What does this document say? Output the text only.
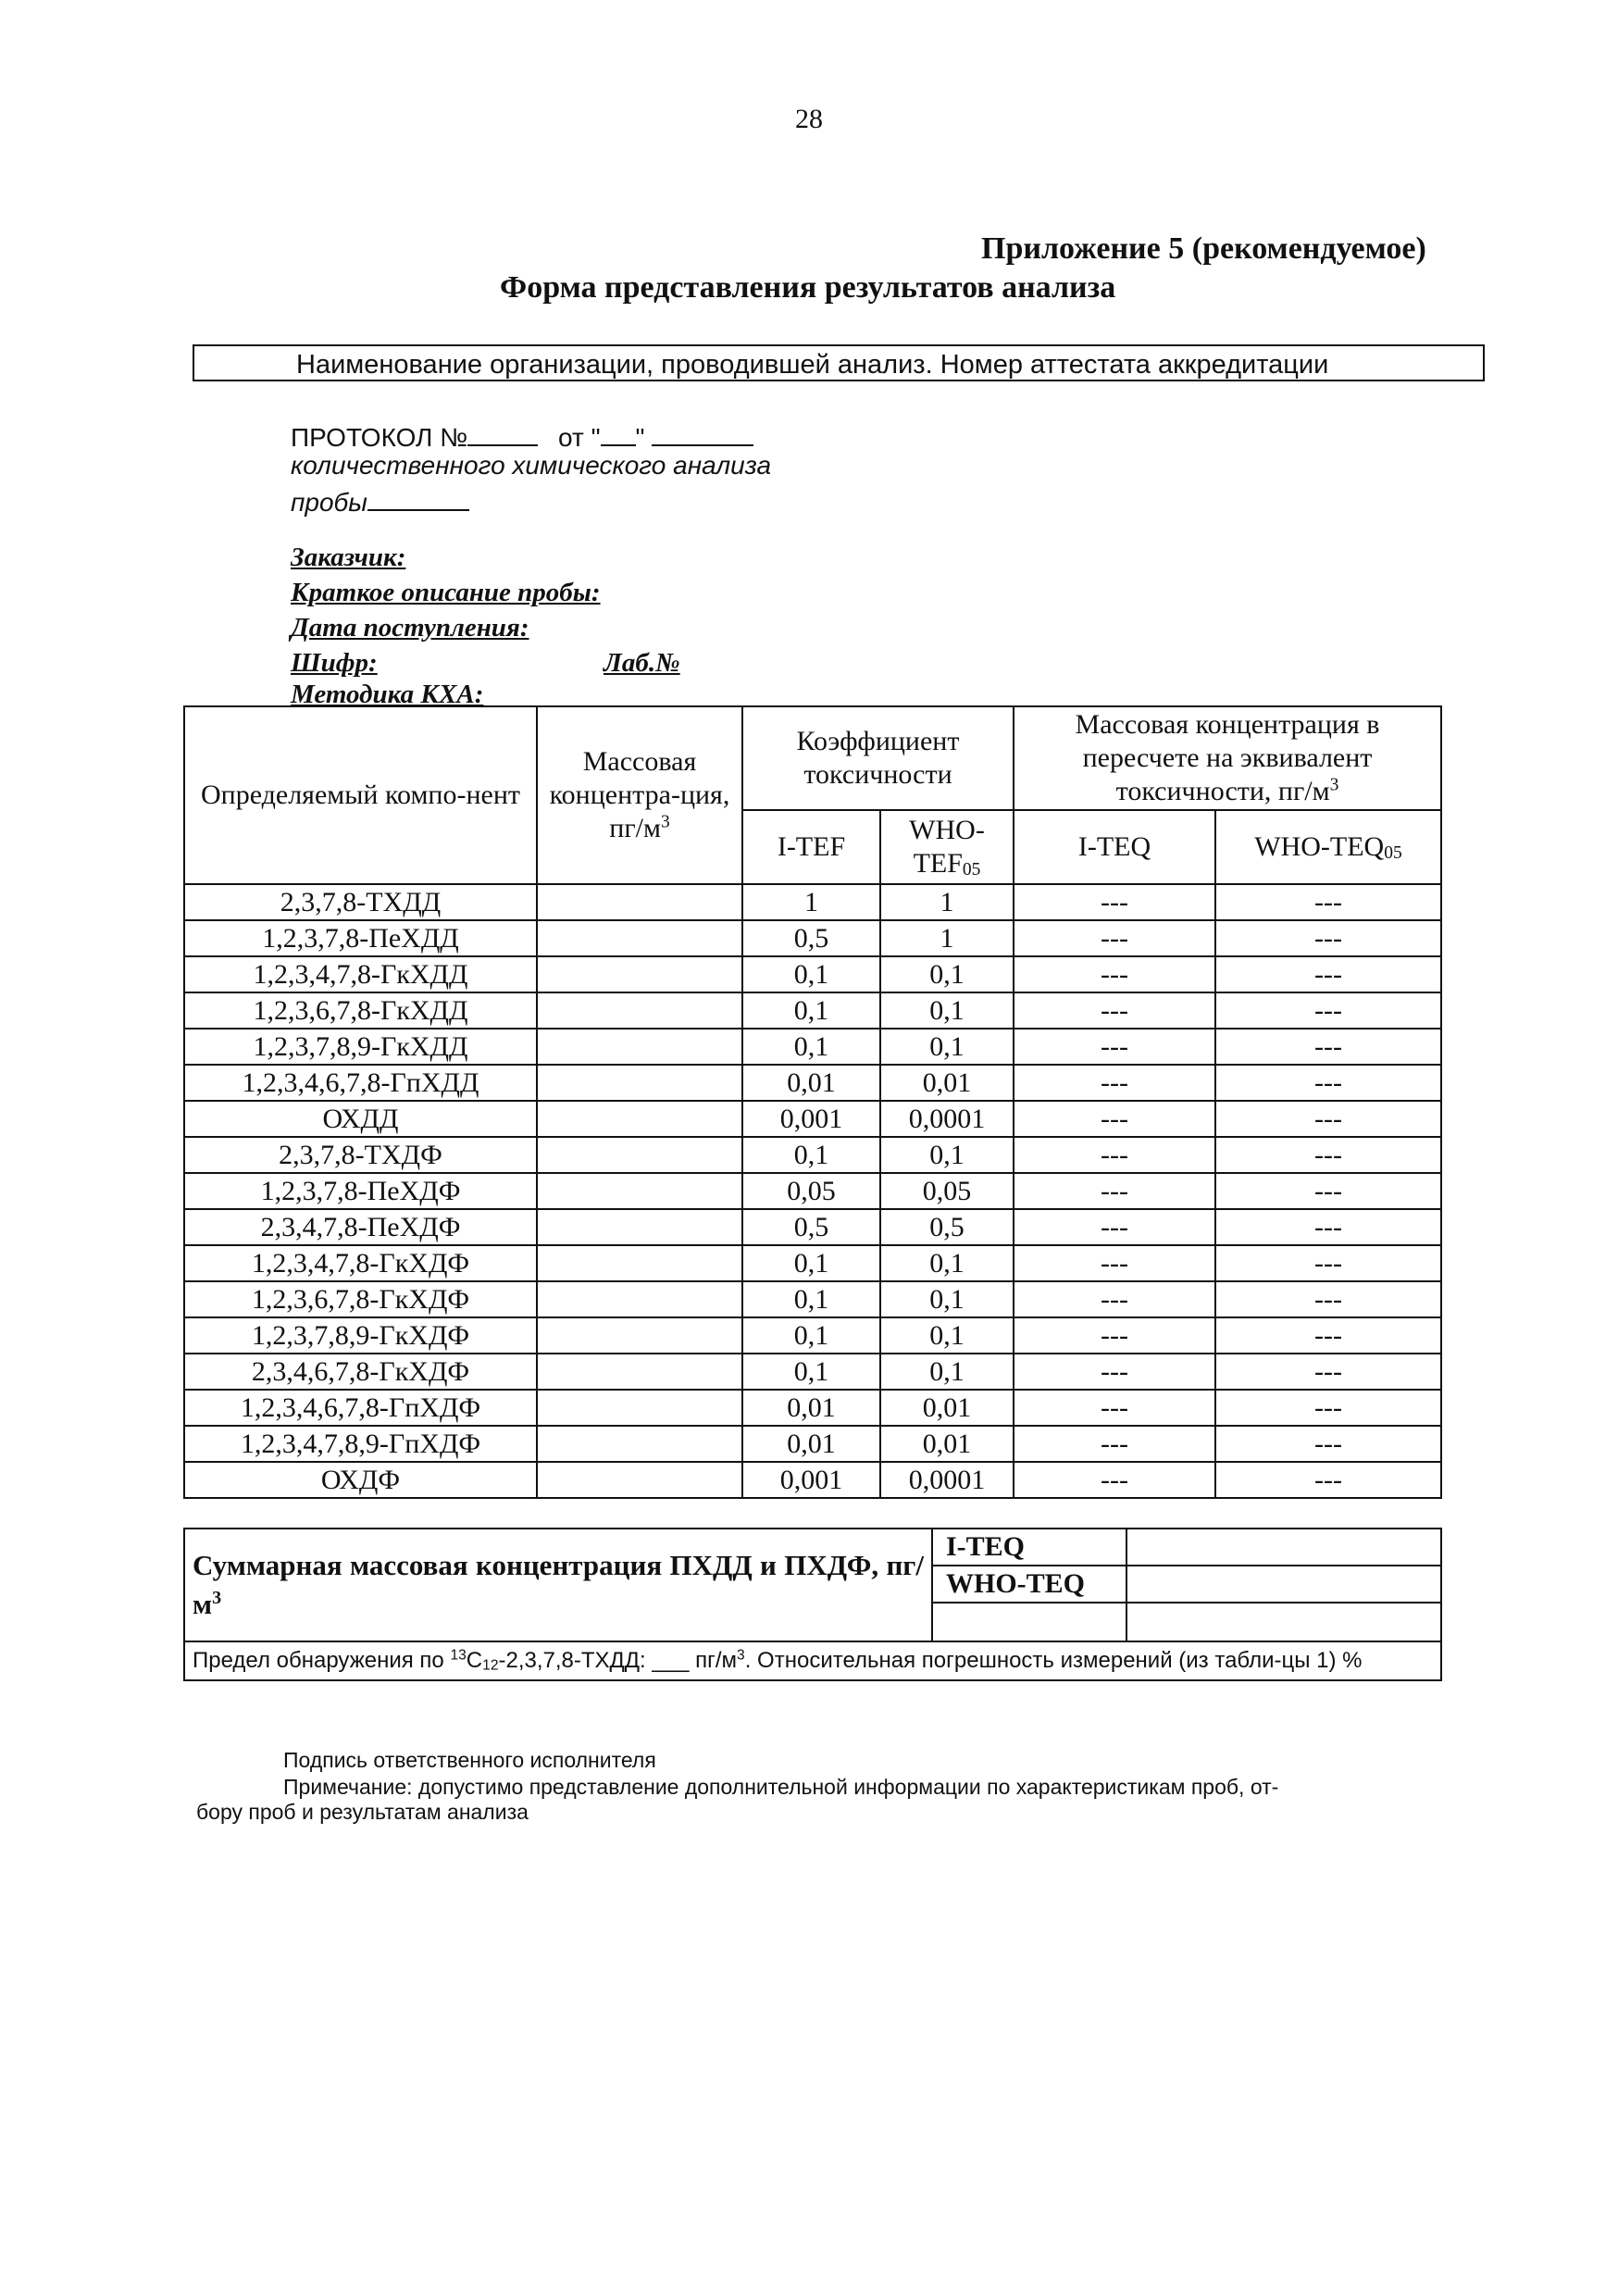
28
Приложение 5 (рекомендуемое)
Форма представления результатов анализа
Наименование организации, проводившей анализ. Номер аттестата аккредитации
ПРОТОКОЛ №	от " "
количественного химического анализа
пробы
Заказчик:
Краткое описание пробы:
Дата поступления:
Шифр:	Лаб.№
Методика КХА:
Определяемый компо-нент	Массовая концентра-ция, $пг/м^3$	Коэффициент токсичности		Массовая концентрация в пересчете на эквивалент токсичности, $пг/м^3$
		I-TEF	WHO-TEF05	I-TEQ	WHO-TEQ05
2,3,7,8-ТХДД		1	1	---	---
1,2,3,7,8-ПеХДД		0,5	1	---	---
1,2,3,4,7,8-ГкХДД		0,1	0,1	---	---
1,2,3,6,7,8-ГкХДД		0,1	0,1	---	---
1,2,3,7,8,9-ГкХДД		0,1	0,1	---	---
1,2,3,4,6,7,8-ГпХДД		0,01	0,01	---	---
ОХДД		0,001	0,0001	---	---
2,3,7,8-ТХДФ		0,1	0,1	---	---
1,2,3,7,8-ПеХДФ		0,05	0,05	---	---
2,3,4,7,8-ПеХДФ		0,5	0,5	---	---
1,2,3,4,7,8-ГкХДФ		0,1	0,1	---	---
1,2,3,6,7,8-ГкХДФ		0,1	0,1	---	---
1,2,3,7,8,9-ГкХДФ		0,1	0,1	---	---
2,3,4,6,7,8-ГкХДФ		0,1	0,1	---	---
1,2,3,4,6,7,8-ГпХДФ		0,01	0,01	---	---
1,2,3,4,7,8,9-ГпХДФ		0,01	0,01	---	---
ОХДФ		0,001	0,0001	---	---
Суммарная массовая концентрация ПХДД и ПХДФ, $пг/м^3$	I-TEQ	
	WHO-TEQ	

Предел обнаружения по $^{13}$C12-2,3,7,8-ТХДД: ___ $пг/м^3$. Относительная погрешность измерений (из табли-цы 1) %		
Подпись ответственного исполнителя
Примечание: допустимо представление дополнительной информации по характеристикам проб, от-
бору проб и результатам анализа
